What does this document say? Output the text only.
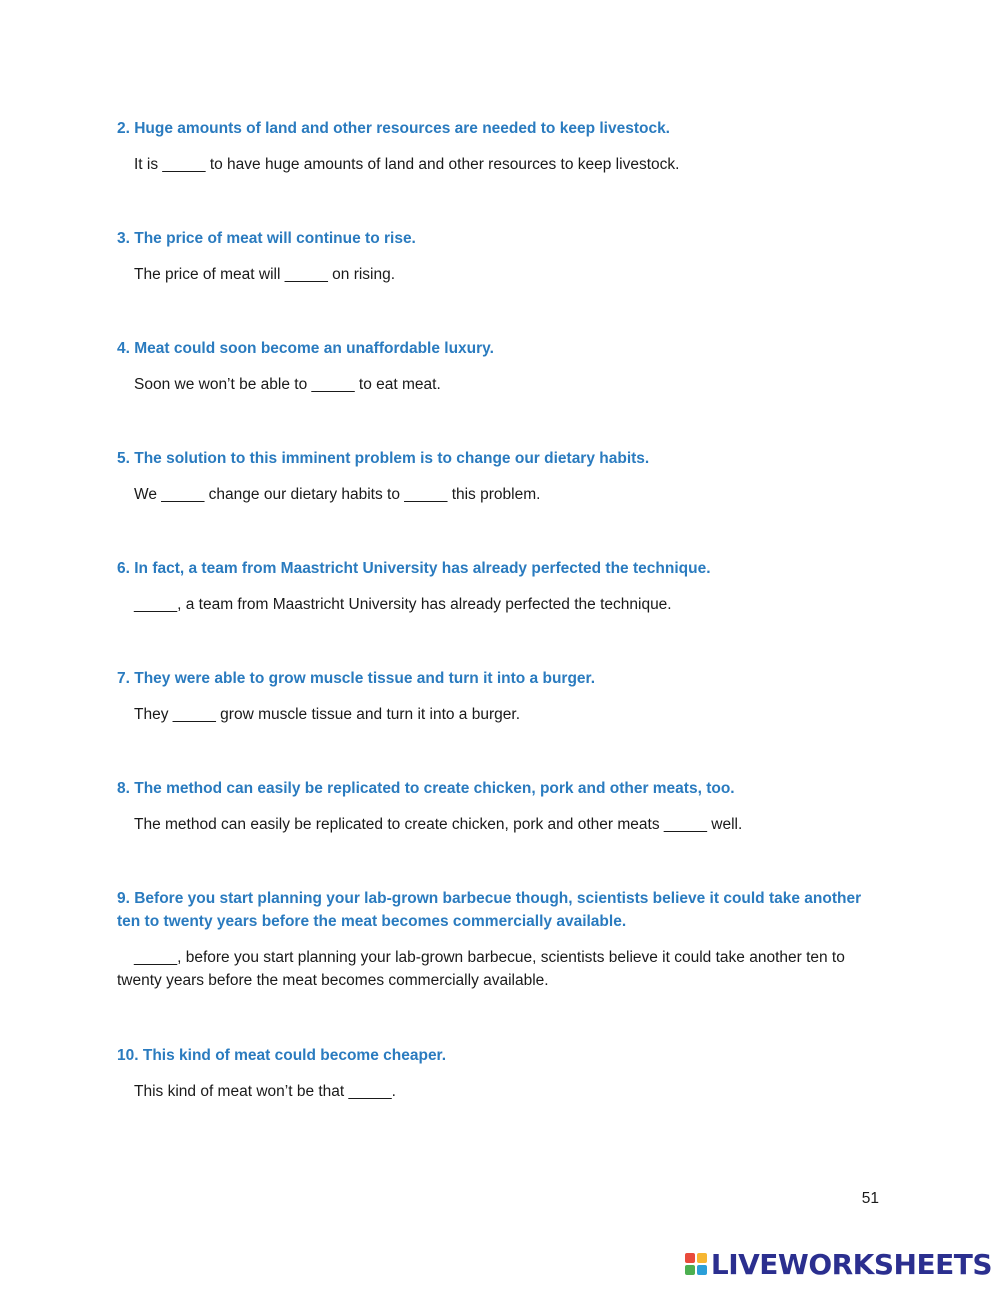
2. Huge amounts of land and other resources are needed to keep livestock.
It is _____ to have huge amounts of land and other resources to keep livestock.
3. The price of meat will continue to rise.
The price of meat will _____ on rising.
4. Meat could soon become an unaffordable luxury.
Soon we won’t be able to _____ to eat meat.
5. The solution to this imminent problem is to change our dietary habits.
We _____ change our dietary habits to _____ this problem.
6. In fact, a team from Maastricht University has already perfected the technique.
_____, a team from Maastricht University has already perfected the technique.
7. They were able to grow muscle tissue and turn it into a burger.
They _____ grow muscle tissue and turn it into a burger.
8. The method can easily be replicated to create chicken, pork and other meats, too.
The method can easily be replicated to create chicken, pork and other meats _____ well.
9. Before you start planning your lab-grown barbecue though, scientists believe it could take another ten to twenty years before the meat becomes commercially available.
_____, before you start planning your lab-grown barbecue, scientists believe it could take another ten to twenty years before the meat becomes commercially available.
10. This kind of meat could become cheaper.
This kind of meat won’t be that _____.
51
LIVEWORKSHEETS
